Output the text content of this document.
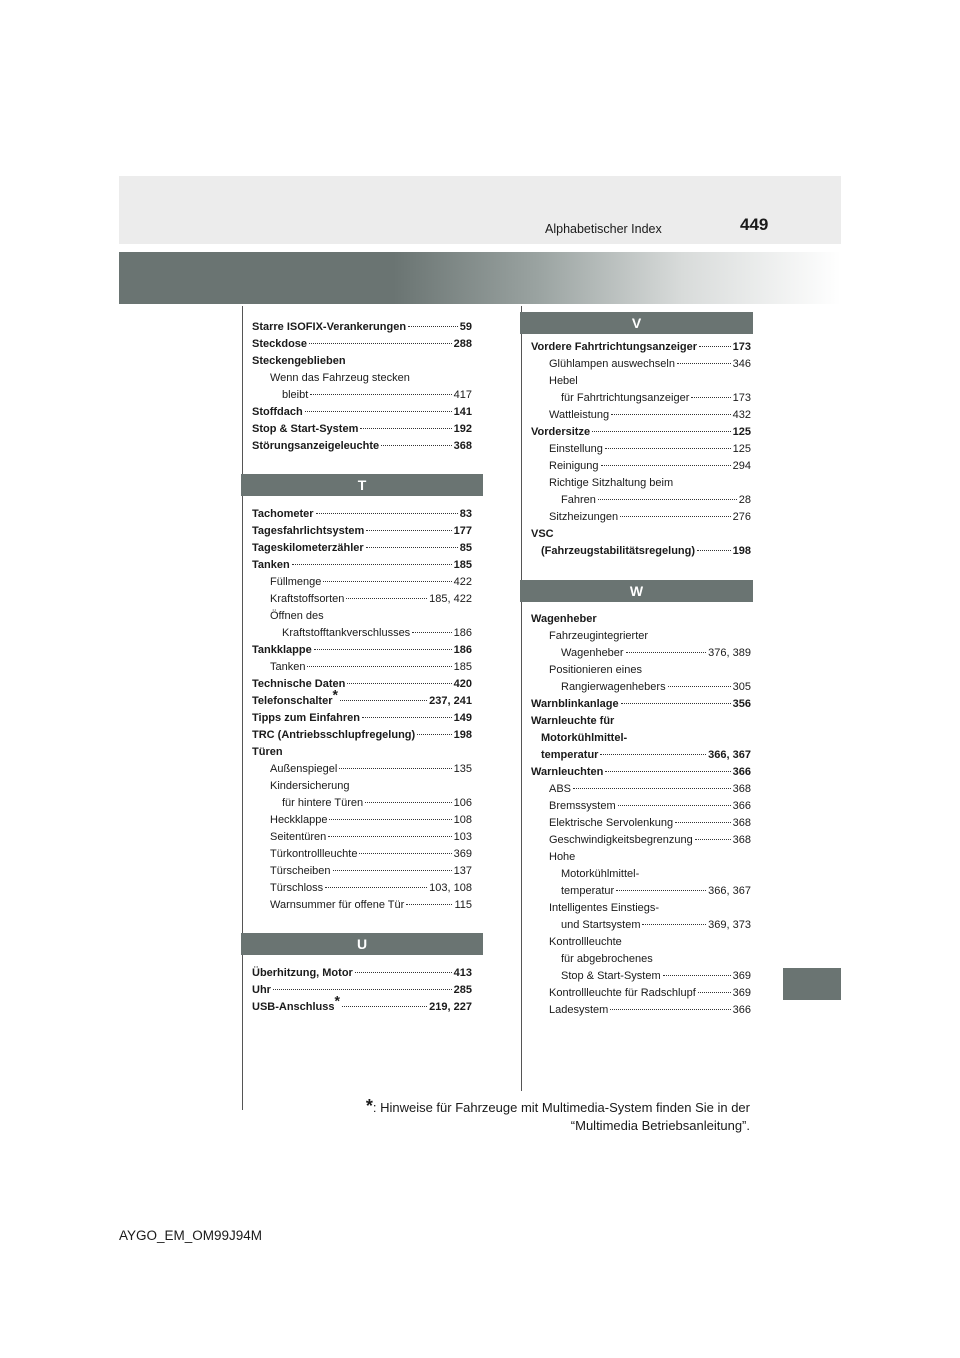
Alphabetischer Index	449
Starre ISOFIX-Verankerungen	59
Steckdose	288
Steckengeblieben
Wenn das Fahrzeug stecken
bleibt	417
Stoffdach	141
Stop & Start-System	192
Störungsanzeigeleuchte	368
T
Tachometer	83
Tagesfahrlichtsystem	177
Tageskilometerzähler	85
Tanken	185
Füllmenge	422
Kraftstoffsorten	185, 422
Öffnen des
Kraftstofftankverschlusses	186
Tankklappe	186
Tanken	185
Technische Daten	420
Telefonschalter*	237, 241
Tipps zum Einfahren	149
TRC (Antriebsschlupfregelung)	198
Türen
Außenspiegel	135
Kindersicherung
für hintere Türen	106
Heckklappe	108
Seitentüren	103
Türkontrollleuchte	369
Türscheiben	137
Türschloss	103, 108
Warnsummer für offene Tür	115
U
Überhitzung, Motor	413
Uhr	285
USB-Anschluss*	219, 227
V
Vordere Fahrtrichtungsanzeiger	173
Glühlampen auswechseln	346
Hebel
für Fahrtrichtungsanzeiger	173
Wattleistung	432
Vordersitze	125
Einstellung	125
Reinigung	294
Richtige Sitzhaltung beim
Fahren	28
Sitzheizungen	276
VSC
(Fahrzeugstabilitätsregelung)	198
W
Wagenheber
Fahrzeugintegrierter
Wagenheber	376, 389
Positionieren eines
Rangierwagenhebers	305
Warnblinkanlage	356
Warnleuchte für
Motorkühlmittel-
temperatur	366, 367
Warnleuchten	366
ABS	368
Bremssystem	366
Elektrische Servolenkung	368
Geschwindigkeitsbegrenzung	368
Hohe
Motorkühlmittel-
temperatur	366, 367
Intelligentes Einstiegs-
und Startsystem	369, 373
Kontrollleuchte
für abgebrochenes
Stop & Start-System	369
Kontrollleuchte für Radschlupf	369
Ladesystem	366
*: Hinweise für Fahrzeuge mit Multimedia-System finden Sie in der
“Multimedia Betriebsanleitung”.
AYGO_EM_OM99J94M
